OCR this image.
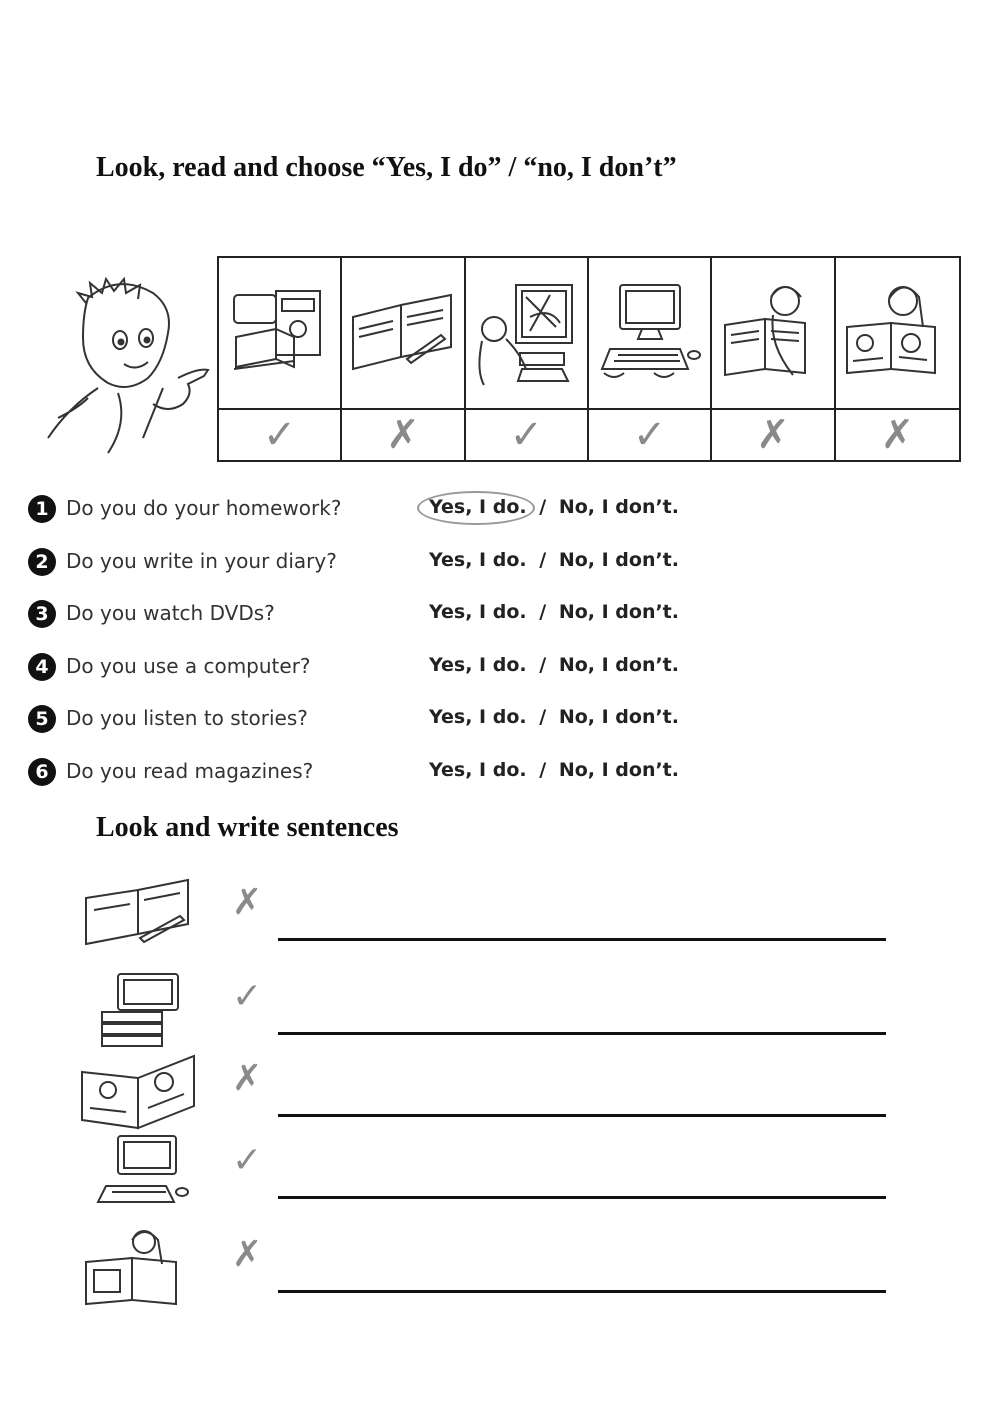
Look, read and choose “Yes, I do” / “no, I don’t”
✓ ✗ ✓ ✓ ✗ ✗
1 Do you do your homework?	Yes, I do. / No, I don’t.
2 Do you write in your diary?	Yes, I do. / No, I don’t.
3 Do you watch DVDs?	Yes, I do. / No, I don’t.
4 Do you use a computer?	Yes, I do. / No, I don’t.
5 Do you listen to stories?	Yes, I do. / No, I don’t.
6 Do you read magazines?	Yes, I do. / No, I don’t.
Look and write sentences
✗
✓
✗
✓
✗
